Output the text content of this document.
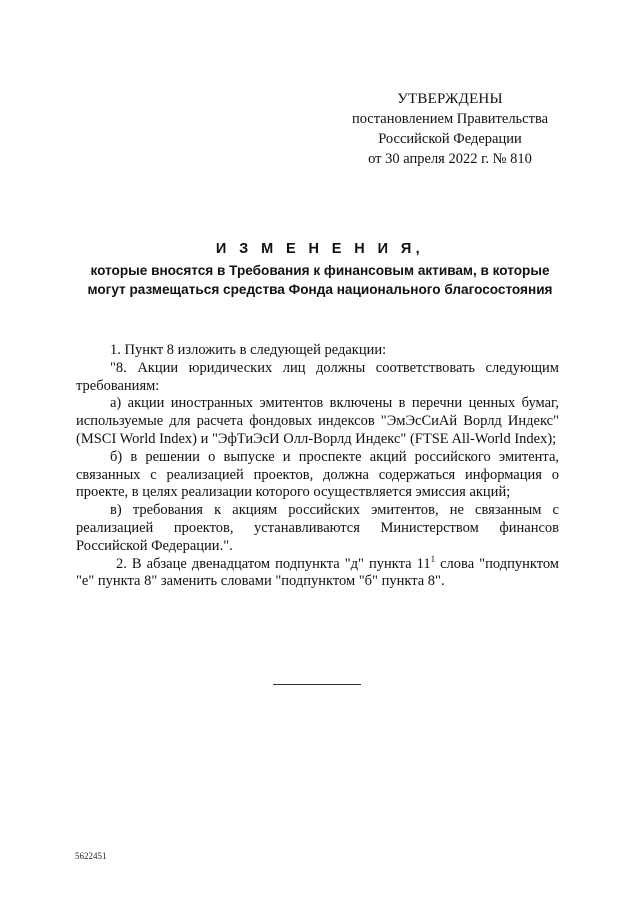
УТВЕРЖДЕНЫ
постановлением Правительства
Российской Федерации
от 30 апреля 2022 г. № 810
И З М Е Н Е Н И Я,
которые вносятся в Требования к финансовым активам, в которые
могут размещаться средства Фонда национального благосостояния

1. Пункт 8 изложить в следующей редакции:

"8. Акции юридических лиц должны соответствовать следующим требованиям:

а) акции иностранных эмитентов включены в перечни ценных бумаг, используемые для расчета фондовых индексов "ЭмЭсСиАй Ворлд Индекс" (MSCI World Index) и "ЭфТиЭсИ Олл-Ворлд Индекс" (FTSE All-World Index);

б) в решении о выпуске и проспекте акций российского эмитента, связанных с реализацией проектов, должна содержаться информация о проекте, в целях реализации которого осуществляется эмиссия акций;

в) требования к акциям российских эмитентов, не связанным с реализацией проектов, устанавливаются Министерством финансов Российской Федерации.".

2. В абзаце двенадцатом подпункта "д" пункта 11$^1$ слова "подпунктом "е" пункта 8" заменить словами "подпунктом "б" пункта 8".

5622451
